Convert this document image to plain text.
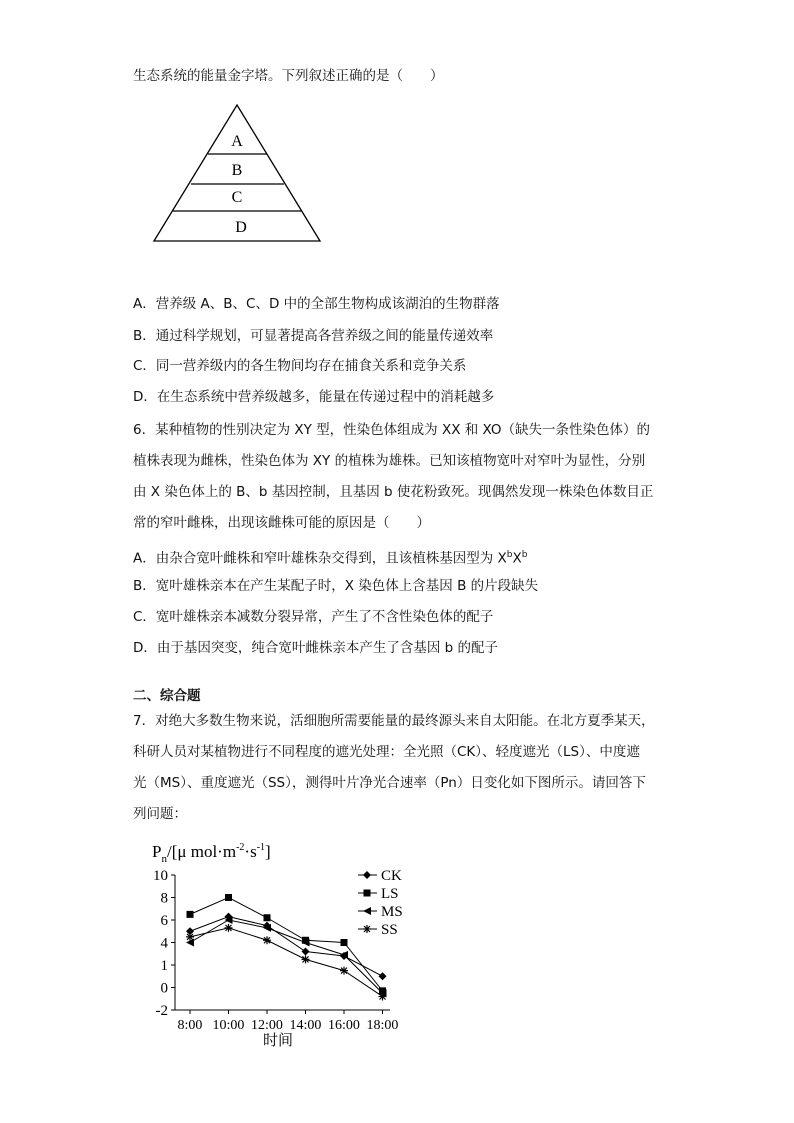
生态系统的能量金字塔。下列叙述正确的是（　　）
A
B
C
D
A．营养级 A、B、C、D 中的全部生物构成该湖泊的生物群落
B．通过科学规划，可显著提高各营养级之间的能量传递效率
C．同一营养级内的各生物间均存在捕食关系和竞争关系
D．在生态系统中营养级越多，能量在传递过程中的消耗越多
6．某种植物的性别决定为 XY 型，性染色体组成为 XX 和 XO（缺失一条性染色体）的
植株表现为雌株，性染色体为 XY 的植株为雄株。已知该植物宽叶对窄叶为显性，分别
由 X 染色体上的 B、b 基因控制，且基因 b 使花粉致死。现偶然发现一株染色体数目正
常的窄叶雌株，出现该雌株可能的原因是（　　）
A．由杂合宽叶雌株和窄叶雄株杂交得到，且该植株基因型为 $X^bX^b$
B．宽叶雄株亲本在产生某配子时，X 染色体上含基因 B 的片段缺失
C．宽叶雄株亲本减数分裂异常，产生了不含性染色体的配子
D．由于基因突变，纯合宽叶雌株亲本产生了含基因 b 的配子
二、综合题
7．对绝大多数生物来说，活细胞所需要能量的最终源头来自太阳能。在北方夏季某天，
科研人员对某植物进行不同程度的遮光处理：全光照（CK）、轻度遮光（LS）、中度遮
光（MS）、重度遮光（SS），测得叶片净光合速率（Pn）日变化如下图所示。请回答下
列问题：
$P_n/[\mu$ $mol\cdot m^{-2}\cdot s^{-1}$]
时间
10
8
6
4
1
0
-2
8:00 10:00 12:00 14:00 16:00 18:00
CK
LS
MS
SS
